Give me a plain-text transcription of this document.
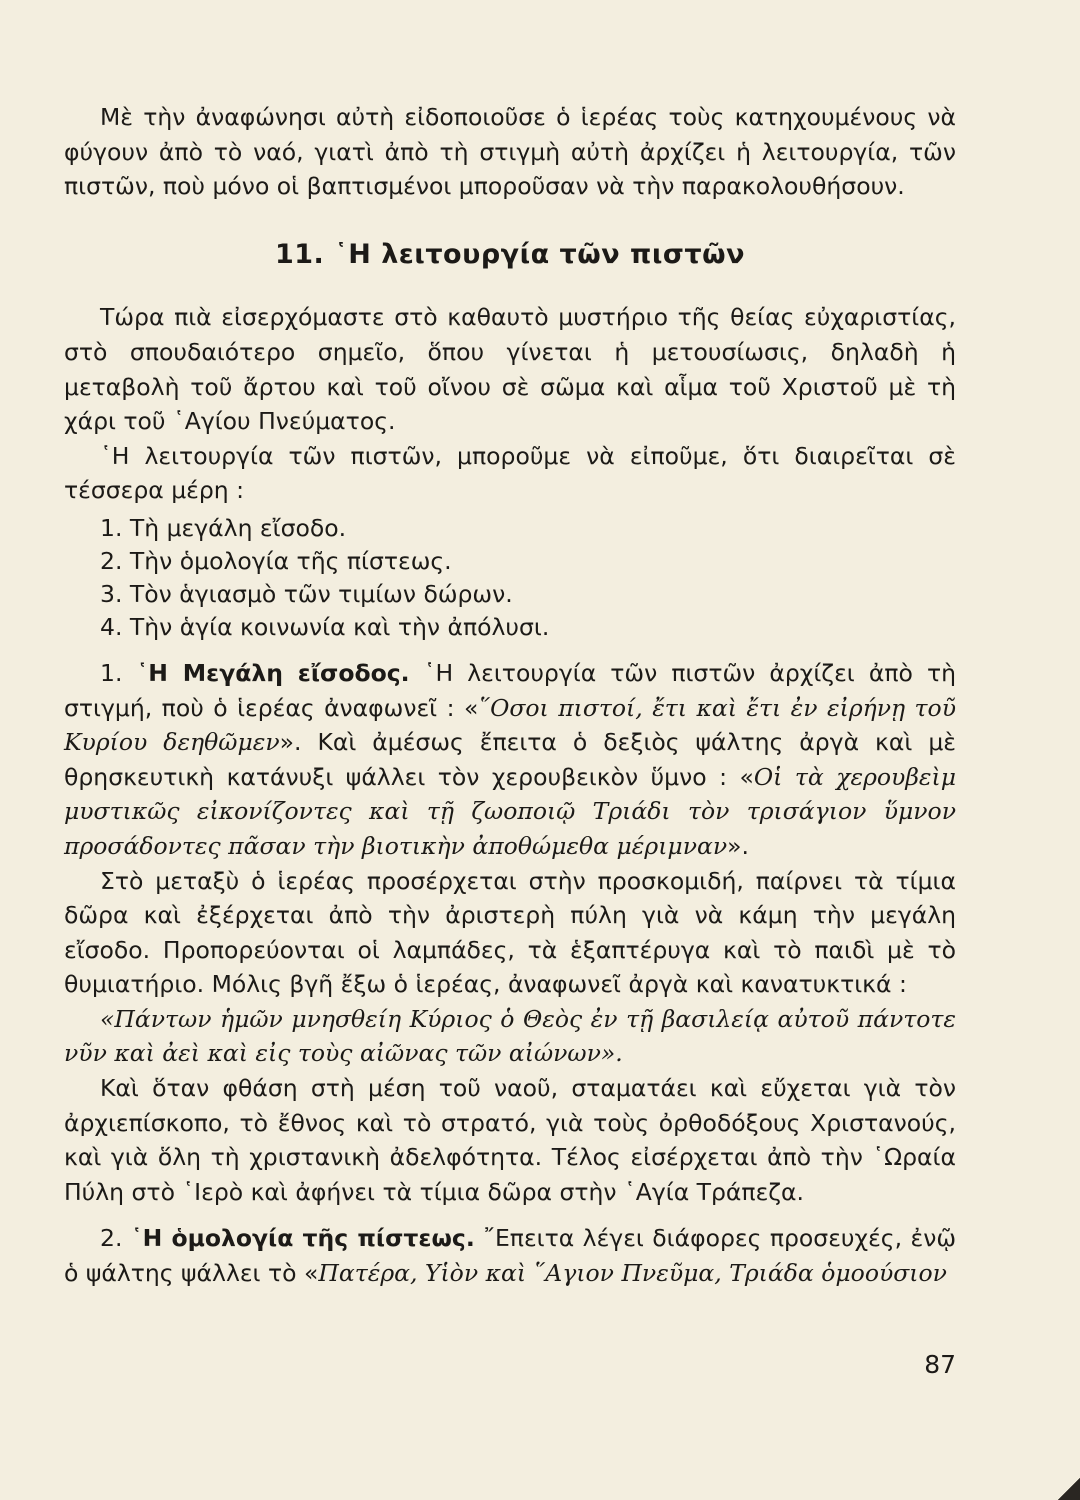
Μὲ τὴν ἀναφώνησι αὐτὴ εἰδοποιοῦσε ὁ ἱερέας τοὺς κατηχουμένους νὰ φύγουν ἀπὸ τὸ ναό, γιατὶ ἀπὸ τὴ στιγμὴ αὐτὴ ἀρχίζει ἡ λειτουργία, τῶν πιστῶν, ποὺ μόνο οἱ βαπτισμένοι μποροῦσαν νὰ τὴν παρακολουθήσουν.

11. ῾Η λειτουργία τῶν πιστῶν

Τώρα πιὰ εἰσερχόμαστε στὸ καθαυτὸ μυστήριο τῆς θείας εὐχαριστίας, στὸ σπουδαιότερο σημεῖο, ὅπου γίνεται ἡ μετουσίωσις, δηλαδὴ ἡ μεταβολὴ τοῦ ἄρτου καὶ τοῦ οἴνου σὲ σῶμα καὶ αἷμα τοῦ Χριστοῦ μὲ τὴ χάρι τοῦ ῾Αγίου Πνεύματος.

῾Η λειτουργία τῶν πιστῶν, μποροῦμε νὰ εἰποῦμε, ὅτι διαιρεῖται σὲ τέσσερα μέρη :

1. Τὴ μεγάλη εἴσοδο.
2. Τὴν ὁμολογία τῆς πίστεως.
3. Τὸν ἁγιασμὸ τῶν τιμίων δώρων.
4. Τὴν ἁγία κοινωνία καὶ τὴν ἀπόλυσι.

1. ῾Η Μεγάλη εἴσοδος. ῾Η λειτουργία τῶν πιστῶν ἀρχίζει ἀπὸ τὴ στιγμή, ποὺ ὁ ἱερέας ἀναφωνεῖ : «῞Οσοι πιστοί, ἔτι καὶ ἔτι ἐν εἰρήνῃ τοῦ Κυρίου δεηθῶμεν». Καὶ ἀμέσως ἔπειτα ὁ δεξιὸς ψάλτης ἀργὰ καὶ μὲ θρησκευτικὴ κατάνυξι ψάλλει τὸν χερουβεικὸν ὕμνο : «Οἱ τὰ χερουβεὶμ μυστικῶς εἰκονίζοντες καὶ τῇ ζωοποιῷ Τριάδι τὸν τρισάγιον ὕμνον προσάδοντες πᾶσαν τὴν βιοτικὴν ἀποθώμεθα μέριμναν».

Στὸ μεταξὺ ὁ ἱερέας προσέρχεται στὴν προσκομιδή, παίρνει τὰ τίμια δῶρα καὶ ἐξέρχεται ἀπὸ τὴν ἀριστερὴ πύλη γιὰ νὰ κάμη τὴν μεγάλη εἴσοδο. Προπορεύονται οἱ λαμπάδες, τὰ ἑξαπτέρυγα καὶ τὸ παιδὶ μὲ τὸ θυμιατήριο. Μόλις βγῆ ἔξω ὁ ἱερέας, ἀναφωνεῖ ἀργὰ καὶ κανατυκτικά :

«Πάντων ἡμῶν μνησθείη Κύριος ὁ Θεὸς ἐν τῇ βασιλείᾳ αὐτοῦ πάντοτε νῦν καὶ ἀεὶ καὶ εἰς τοὺς αἰῶνας τῶν αἰώνων».

Καὶ ὅταν φθάση στὴ μέση τοῦ ναοῦ, σταματάει καὶ εὔχεται γιὰ τὸν ἀρχιεπίσκοπο, τὸ ἔθνος καὶ τὸ στρατό, γιὰ τοὺς ὀρθοδόξους Χριστανούς, καὶ γιὰ ὅλη τὴ χριστανικὴ ἀδελφότητα. Τέλος εἰσέρχεται ἀπὸ τὴν ῾Ωραία Πύλη στὸ ῾Ιερὸ καὶ ἀφήνει τὰ τίμια δῶρα στὴν ῾Αγία Τράπεζα.

2. ῾Η ὁμολογία τῆς πίστεως. ῎Επειτα λέγει διάφορες προσευχές, ἐνῷ ὁ ψάλτης ψάλλει τὸ «Πατέρα, Υἱὸν καὶ ῞Αγιον Πνεῦμα, Τριάδα ὁμοούσιον

87
